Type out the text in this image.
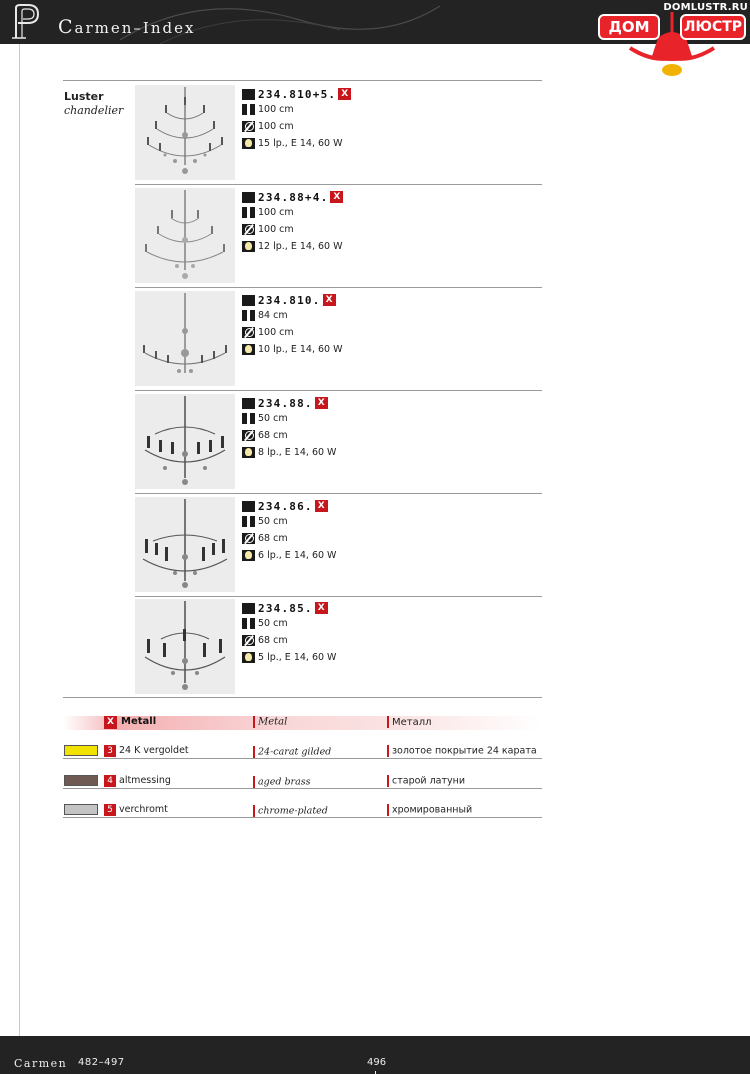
Carmen–Index	ДОМ	ЛЮСТР
DOMLUSTR.RU
Luster
chandelier
234.810+5. X
100 cm
100 cm
15 lp., E 14, 60 W
234.88+4. X
100 cm
100 cm
12 lp., E 14, 60 W
234.810. X
84 cm
100 cm
10 lp., E 14, 60 W
234.88. X
50 cm
68 cm
8 lp., E 14, 60 W
234.86. X
50 cm
68 cm
6 lp., E 14, 60 W
234.85. X
50 cm
68 cm
5 lp., E 14, 60 W
X Metall	Metal	Металл
3 24 K vergoldet	24-carat gilded	золотое покрытие 24 карата
4 altmessing	aged brass	старой латуни
5 verchromt	chrome-plated	хромированный
Carmen 482–497	496
